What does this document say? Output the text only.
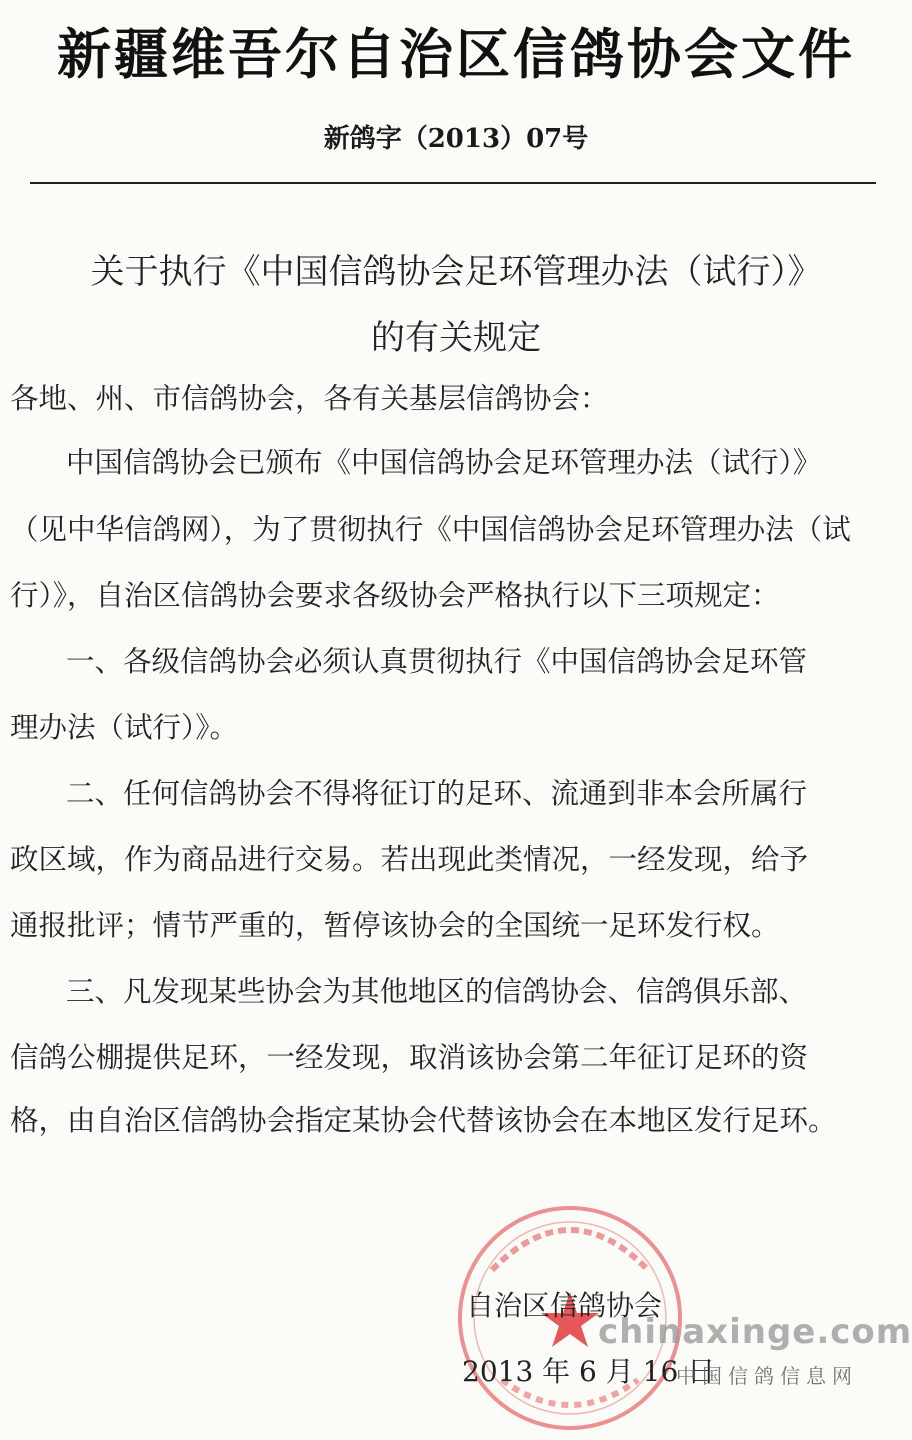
新疆维吾尔自治区信鸽协会文件
新鸽字（2013）07号
关于执行《中国信鸽协会足环管理办法（试行）》
的有关规定
各地、州、市信鸽协会，各有关基层信鸽协会：
中国信鸽协会已颁布《中国信鸽协会足环管理办法（试行）》
（见中华信鸽网），为了贯彻执行《中国信鸽协会足环管理办法（试
行）》，自治区信鸽协会要求各级协会严格执行以下三项规定：
一、各级信鸽协会必须认真贯彻执行《中国信鸽协会足环管
理办法（试行）》。
二、任何信鸽协会不得将征订的足环、流通到非本会所属行
政区域，作为商品进行交易。若出现此类情况，一经发现，给予
通报批评；情节严重的，暂停该协会的全国统一足环发行权。
三、凡发现某些协会为其他地区的信鸽协会、信鸽俱乐部、
信鸽公棚提供足环，一经发现，取消该协会第二年征订足环的资
格，由自治区信鸽协会指定某协会代替该协会在本地区发行足环。
自治区信鸽协会
2013 年 6 月 16 日
chinaxinge.com
中国信鸽信息网
